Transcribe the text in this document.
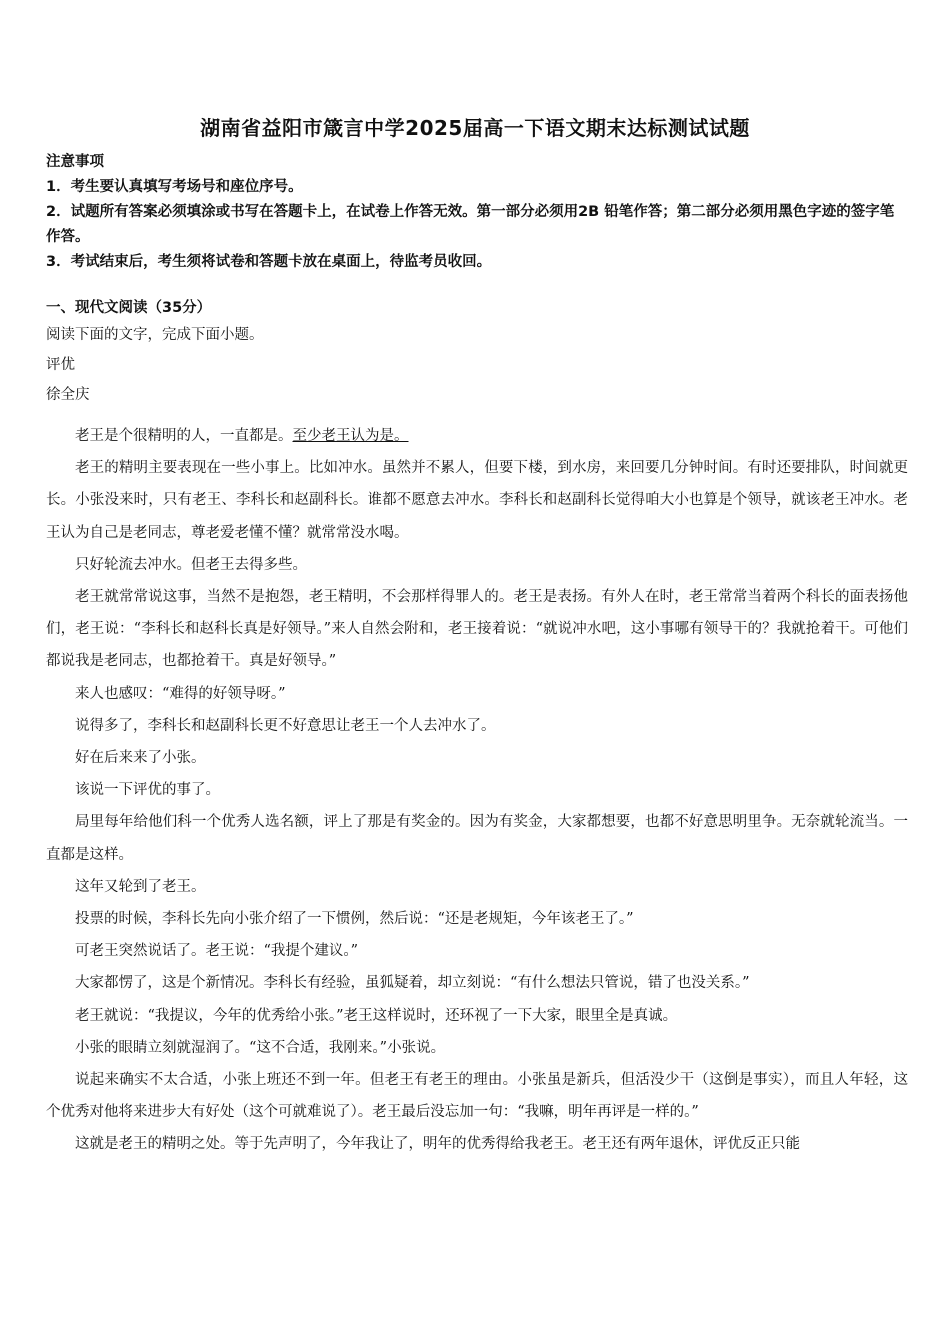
湖南省益阳市箴言中学2025届高一下语文期末达标测试试题

注意事项

1．考生要认真填写考场号和座位序号。

2．试题所有答案必须填涂或书写在答题卡上，在试卷上作答无效。第一部分必须用2B 铅笔作答；第二部分必须用黑色字迹的签字笔作答。

3．考试结束后，考生须将试卷和答题卡放在桌面上，待监考员收回。

一、现代文阅读（35分）

阅读下面的文字，完成下面小题。

评优

徐全庆

老王是个很精明的人，一直都是。至少老王认为是。

老王的精明主要表现在一些小事上。比如冲水。虽然并不累人，但要下楼，到水房，来回要几分钟时间。有时还要排队，时间就更长。小张没来时，只有老王、李科长和赵副科长。谁都不愿意去冲水。李科长和赵副科长觉得咱大小也算是个领导，就该老王冲水。老王认为自己是老同志，尊老爱老懂不懂？就常常没水喝。

只好轮流去冲水。但老王去得多些。

老王就常常说这事，当然不是抱怨，老王精明，不会那样得罪人的。老王是表扬。有外人在时，老王常常当着两个科长的面表扬他们，老王说：“李科长和赵科长真是好领导。”来人自然会附和，老王接着说：“就说冲水吧，这小事哪有领导干的？我就抢着干。可他们都说我是老同志，也都抢着干。真是好领导。”

来人也感叹：“难得的好领导呀。”

说得多了，李科长和赵副科长更不好意思让老王一个人去冲水了。

好在后来来了小张。

该说一下评优的事了。

局里每年给他们科一个优秀人选名额，评上了那是有奖金的。因为有奖金，大家都想要，也都不好意思明里争。无奈就轮流当。一直都是这样。

这年又轮到了老王。

投票的时候，李科长先向小张介绍了一下惯例，然后说：“还是老规矩，今年该老王了。”

可老王突然说话了。老王说：“我提个建议。”

大家都愣了，这是个新情况。李科长有经验，虽狐疑着，却立刻说：“有什么想法只管说，错了也没关系。”

老王就说：“我提议，今年的优秀给小张。”老王这样说时，还环视了一下大家，眼里全是真诚。

小张的眼睛立刻就湿润了。“这不合适，我刚来。”小张说。

说起来确实不太合适，小张上班还不到一年。但老王有老王的理由。小张虽是新兵，但活没少干（这倒是事实），而且人年轻，这个优秀对他将来进步大有好处（这个可就难说了）。老王最后没忘加一句：“我嘛，明年再评是一样的。”

这就是老王的精明之处。等于先声明了，今年我让了，明年的优秀得给我老王。老王还有两年退休，评优反正只能
